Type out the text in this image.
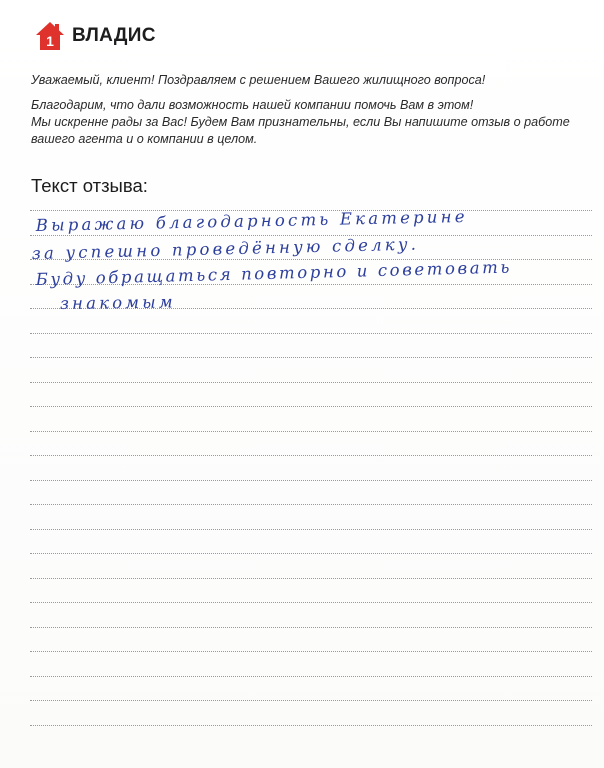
1 ВЛАДИС

Уважаемый, клиент! Поздравляем с решением Вашего жилищного вопроса!

Благодарим, что дали возможность нашей компании помочь Вам в этом!
Мы искренне рады за Вас! Будем Вам признательны, если Вы напишите отзыв о работе
вашего агента и о компании в целом.

Текст отзыва:

Выражаю благодарность Екатерине

за успешно проведённую сделку.

Буду обращаться повторно и советовать

знакомым
